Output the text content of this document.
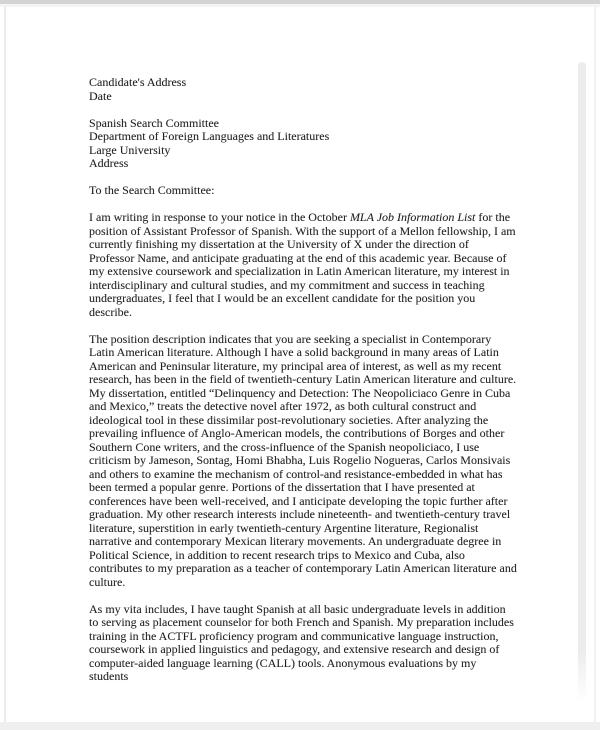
Candidate's Address
Date
Spanish Search Committee
Department of Foreign Languages and Literatures
Large University
Address
To the Search Committee:

I am writing in response to your notice in the October MLA Job Information List for the position of Assistant Professor of Spanish. With the support of a Mellon fellowship, I am currently finishing my dissertation at the University of X under the direction of Professor Name, and anticipate graduating at the end of this academic year. Because of my extensive coursework and specialization in Latin American literature, my interest in interdisciplinary and cultural studies, and my commitment and success in teaching undergraduates, I feel that I would be an excellent candidate for the position you describe.

The position description indicates that you are seeking a specialist in Contemporary Latin American literature. Although I have a solid background in many areas of Latin American and Peninsular literature, my principal area of interest, as well as my recent research, has been in the field of twentieth-century Latin American literature and culture. My dissertation, entitled “Delinquency and Detection: The Neopoliciaco Genre in Cuba and Mexico,” treats the detective novel after 1972, as both cultural construct and ideological tool in these dissimilar post-revolutionary societies. After analyzing the prevailing influence of Anglo-American models, the contributions of Borges and other Southern Cone writers, and the cross-influence of the Spanish neopoliciaco, I use criticism by Jameson, Sontag, Homi Bhabha, Luis Rogelio Nogueras, Carlos Monsivais and others to examine the mechanism of control-and resistance-embedded in what has been termed a popular genre. Portions of the dissertation that I have presented at conferences have been well-received, and I anticipate developing the topic further after graduation. My other research interests include nineteenth- and twentieth-century travel literature, superstition in early twentieth-century Argentine literature, Regionalist narrative and contemporary Mexican literary movements. An undergraduate degree in Political Science, in addition to recent research trips to Mexico and Cuba, also contributes to my preparation as a teacher of contemporary Latin American literature and culture.

As my vita includes, I have taught Spanish at all basic undergraduate levels in addition to serving as placement counselor for both French and Spanish. My preparation includes training in the ACTFL proficiency program and communicative language instruction, coursework in applied linguistics and pedagogy, and extensive research and design of computer-aided language learning (CALL) tools. Anonymous evaluations by my students
